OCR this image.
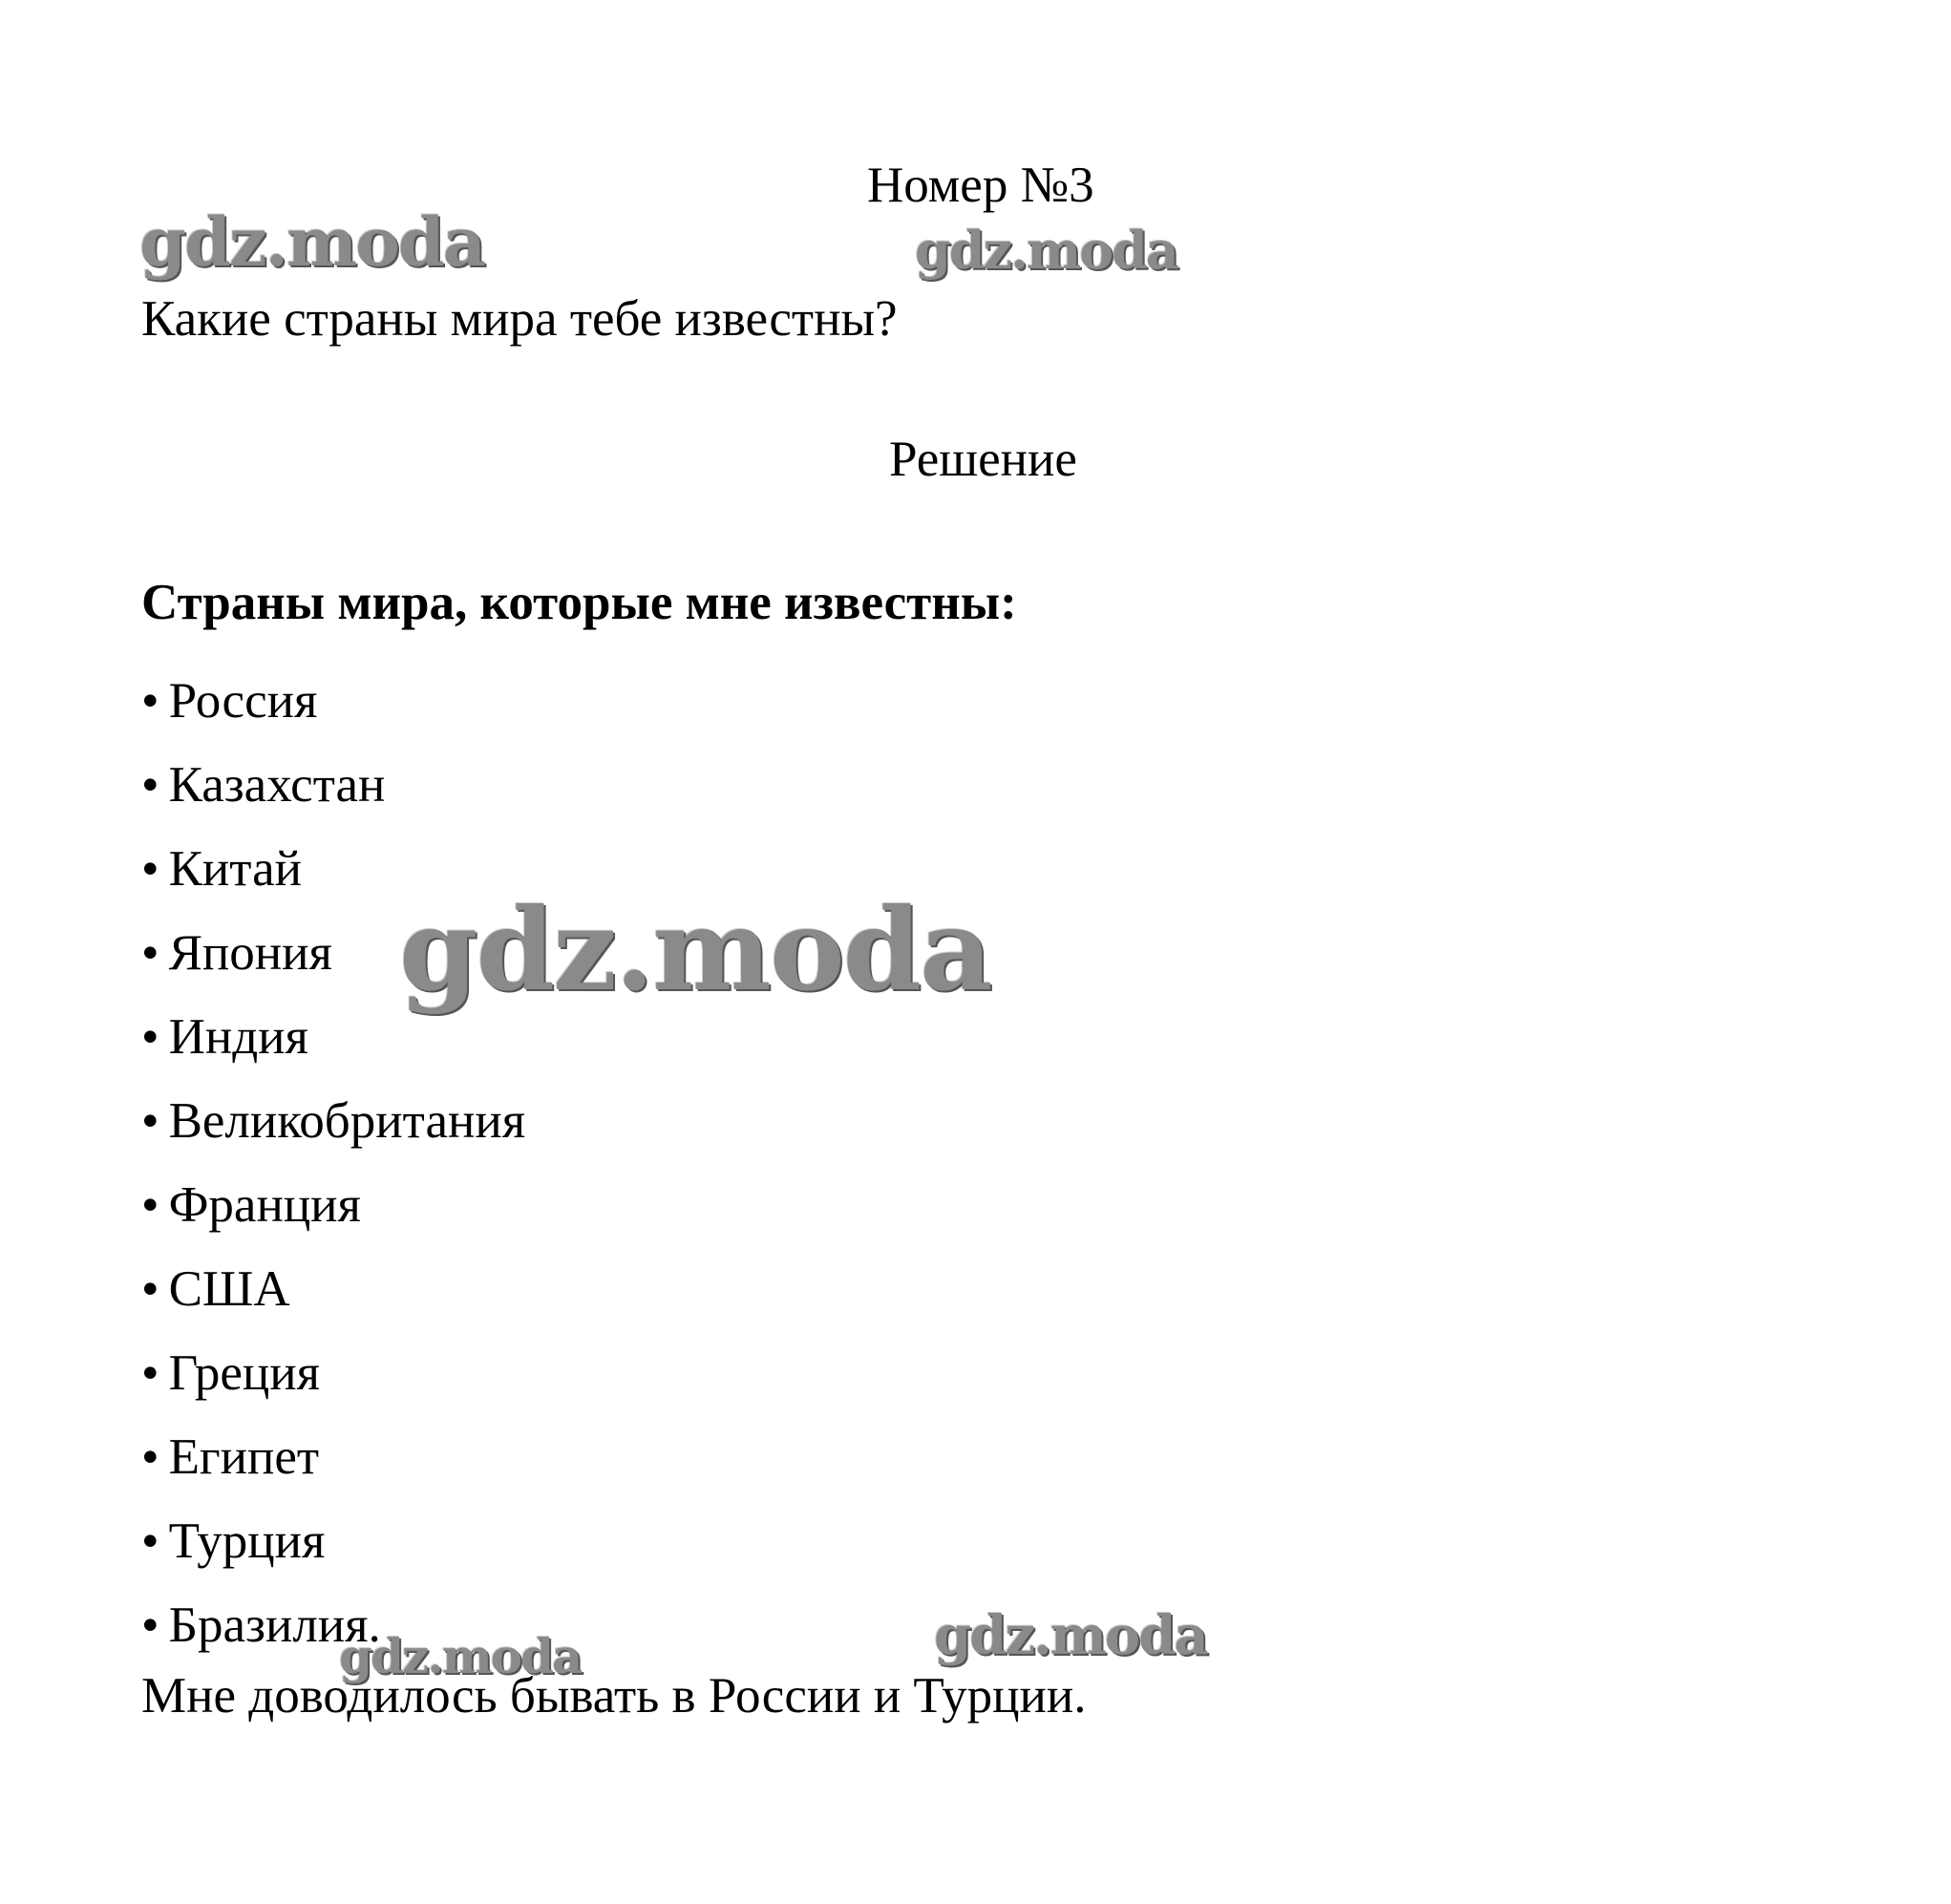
Номер №3
gdz.moda	gdz.moda
Какие страны мира тебе известны?
Решение
Страны мира, которые мне известны:
• Россия
• Казахстан
• Китай
• Япония
• Индия
• Великобритания
• Франция
• США
• Греция
• Египет
• Турция
• Бразилия.
gdz.moda
gdz.moda
gdz.moda
Мне доводилось бывать в России и Турции.
